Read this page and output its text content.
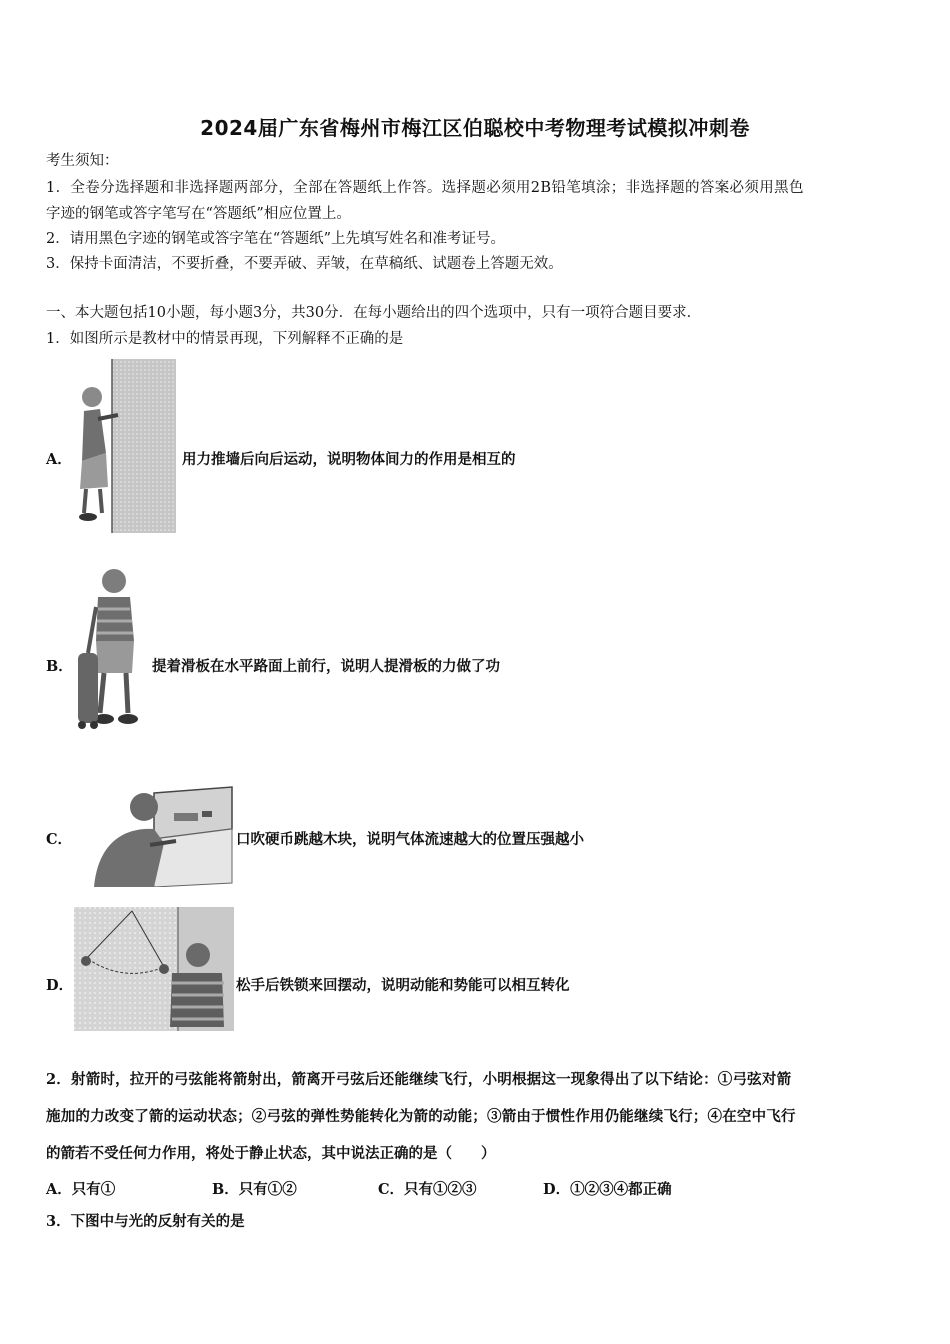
2024届广东省梅州市梅江区伯聪校中考物理考试模拟冲刺卷
考生须知：
1．全卷分选择题和非选择题两部分，全部在答题纸上作答。选择题必须用2B铅笔填涂；非选择题的答案必须用黑色
字迹的钢笔或答字笔写在“答题纸”相应位置上。
2．请用黑色字迹的钢笔或答字笔在“答题纸”上先填写姓名和准考证号。
3．保持卡面清洁，不要折叠，不要弄破、弄皱，在草稿纸、试题卷上答题无效。
一、本大题包括10小题，每小题3分，共30分．在每小题给出的四个选项中，只有一项符合题目要求．
1．如图所示是教材中的情景再现，下列解释不正确的是
A．	用力推墙后向后运动，说明物体间力的作用是相互的
B．	提着滑板在水平路面上前行，说明人提滑板的力做了功
C．	口吹硬币跳越木块，说明气体流速越大的位置压强越小
D．	松手后铁锁来回摆动，说明动能和势能可以相互转化
2．射箭时，拉开的弓弦能将箭射出，箭离开弓弦后还能继续飞行，小明根据这一现象得出了以下结论：①弓弦对箭
施加的力改变了箭的运动状态；②弓弦的弹性势能转化为箭的动能；③箭由于惯性作用仍能继续飞行；④在空中飞行
的箭若不受任何力作用，将处于静止状态，其中说法正确的是（　　）
A．只有①	B．只有①②	C．只有①②③	D．①②③④都正确
3．下图中与光的反射有关的是
